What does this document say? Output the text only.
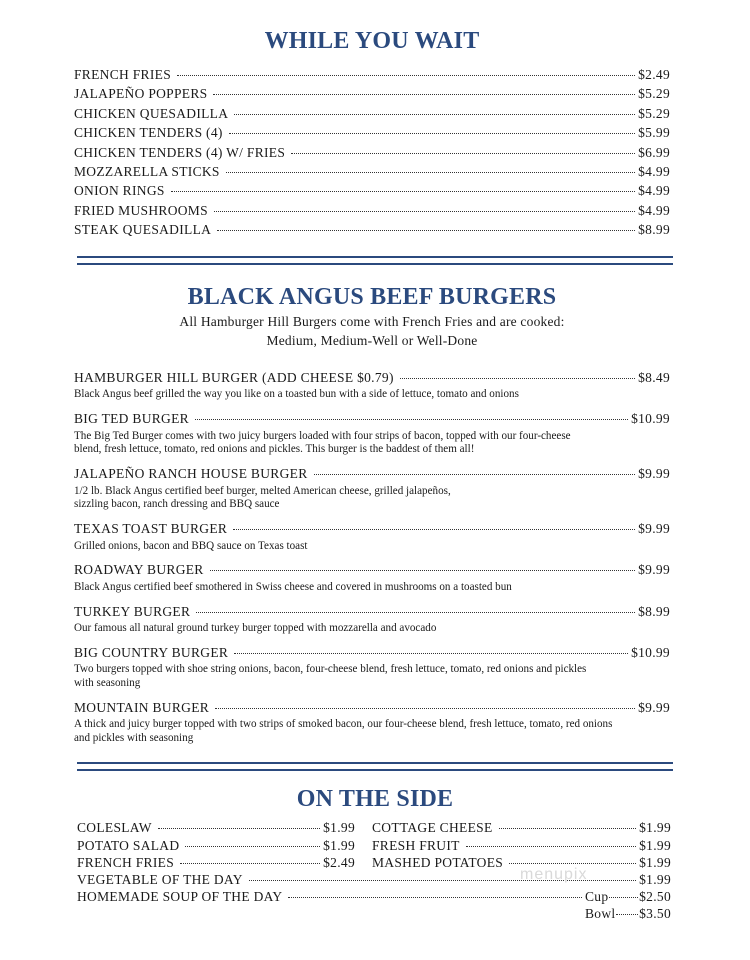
WHILE YOU WAIT
FRENCH FRIES	$2.49
JALAPEÑO POPPERS	$5.29
CHICKEN QUESADILLA	$5.29
CHICKEN TENDERS (4)	$5.99
CHICKEN TENDERS (4) W/ FRIES	$6.99
MOZZARELLA STICKS	$4.99
ONION RINGS	$4.99
FRIED MUSHROOMS	$4.99
STEAK QUESADILLA	$8.99
BLACK ANGUS BEEF BURGERS
All Hamburger Hill Burgers come with French Fries and are cooked:
Medium, Medium-Well or Well-Done
HAMBURGER HILL BURGER (ADD CHEESE $0.79)	$8.49
Black Angus beef grilled the way you like on a toasted bun with a side of lettuce, tomato and onions
BIG TED BURGER	$10.99
The Big Ted Burger comes with two juicy burgers loaded with four strips of bacon, topped with our four-cheese
blend, fresh lettuce, tomato, red onions and pickles. This burger is the baddest of them all!
JALAPEÑO RANCH HOUSE BURGER	$9.99
1/2 lb. Black Angus certified beef burger, melted American cheese, grilled jalapeños,
sizzling bacon, ranch dressing and BBQ sauce
TEXAS TOAST BURGER	$9.99
Grilled onions, bacon and BBQ sauce on Texas toast
ROADWAY BURGER	$9.99
Black Angus certified beef smothered in Swiss cheese and covered in mushrooms on a toasted bun
TURKEY BURGER	$8.99
Our famous all natural ground turkey burger topped with mozzarella and avocado
BIG COUNTRY BURGER	$10.99
Two burgers topped with shoe string onions, bacon, four-cheese blend, fresh lettuce, tomato, red onions and pickles
with seasoning
MOUNTAIN BURGER	$9.99
A thick and juicy burger topped with two strips of smoked bacon, our four-cheese blend, fresh lettuce, tomato, red onions
and pickles with seasoning
ON THE SIDE
COLESLAW	$1.99
POTATO SALAD	$1.99
FRENCH FRIES	$2.49
COTTAGE CHEESE	$1.99
FRESH FRUIT	$1.99
MASHED POTATOES	$1.99
VEGETABLE OF THE DAY	$1.99
HOMEMADE SOUP OF THE DAY	Cup $2.50
Bowl $3.50
menupix
